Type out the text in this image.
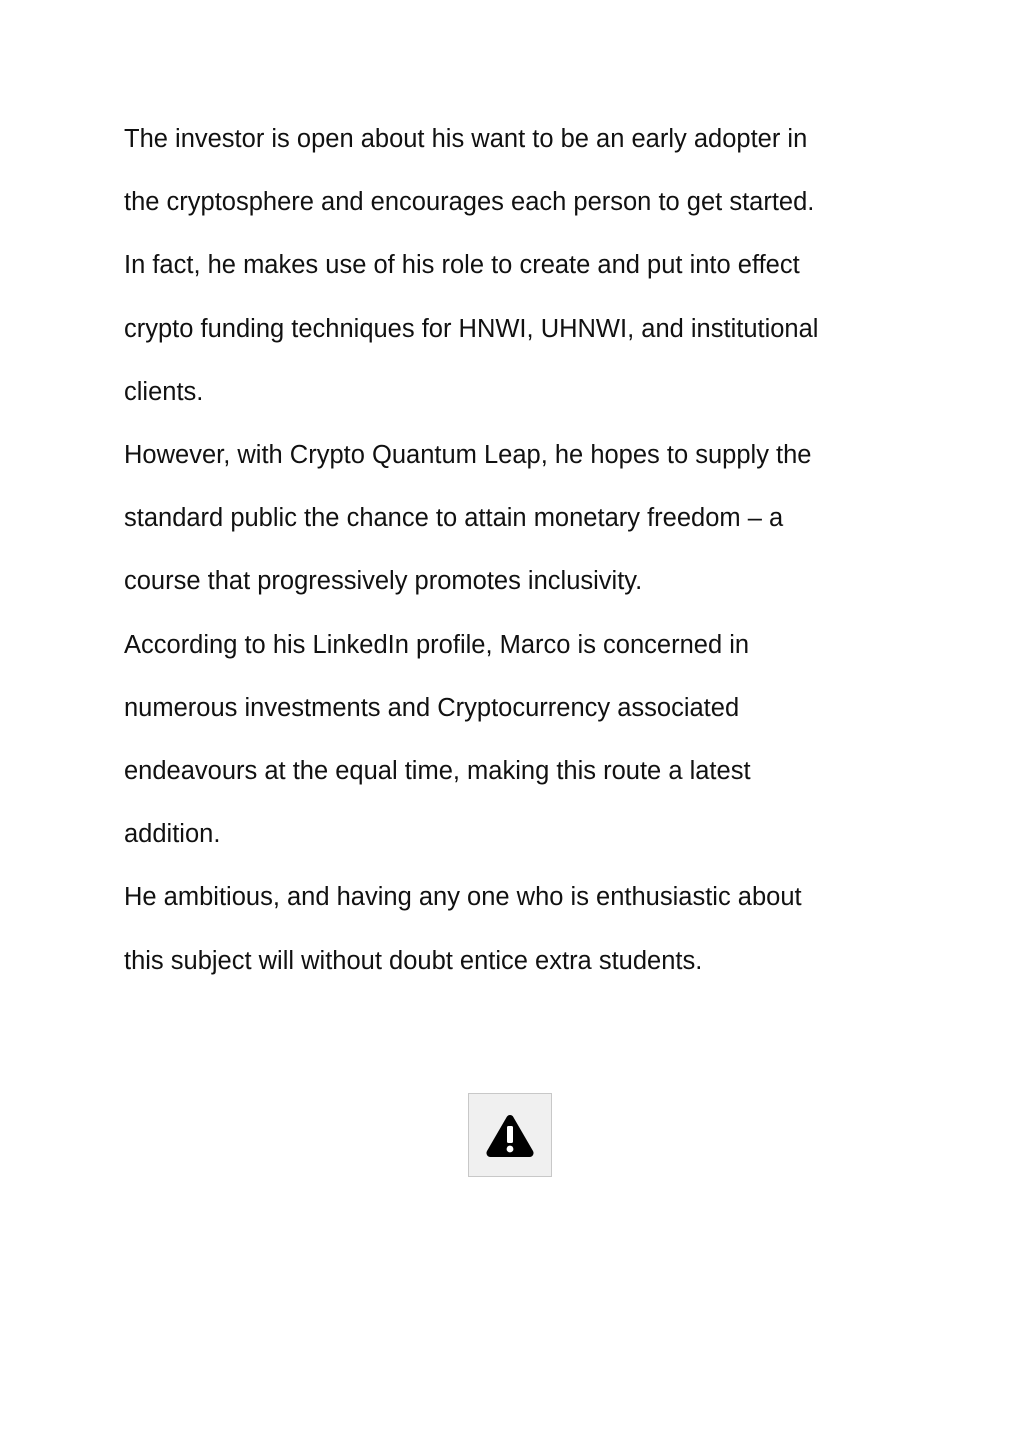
The investor is open about his want to be an early adopter in
the cryptosphere and encourages each person to get started.
In fact, he makes use of his role to create and put into effect
crypto funding techniques for HNWI, UHNWI, and institutional
clients.
However, with Crypto Quantum Leap, he hopes to supply the
standard public the chance to attain monetary freedom – a
course that progressively promotes inclusivity.
According to his LinkedIn profile, Marco is concerned in
numerous investments and Cryptocurrency associated
endeavours at the equal time, making this route a latest
addition.
He ambitious, and having any one who is enthusiastic about
this subject will without doubt entice extra students.
